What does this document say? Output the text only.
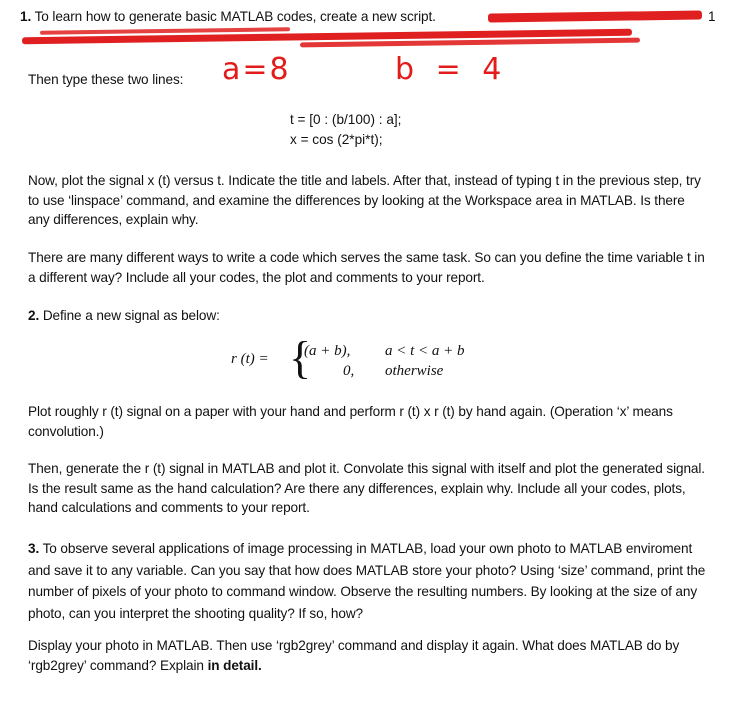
1. To learn how to generate basic MATLAB codes, create a new script.	1
Then type these two lines: a=8	b = 4
t = [0 : (b/100) : a];
x = cos (2*pi*t);
Now, plot the signal x (t) versus t. Indicate the title and labels. After that, instead of typing t in the previous step, try to use ‘linspace’ command, and examine the differences by looking at the Workspace area in MATLAB. Is there any differences, explain why.
There are many different ways to write a code which serves the same task. So can you define the time variable t in a different way? Include all your codes, the plot and comments to your report.
2. Define a new signal as below:
r (t) = {
(a + b), a < t < a + b
0, otherwise
Plot roughly r (t) signal on a paper with your hand and perform r (t) x r (t) by hand again. (Operation ‘x’ means convolution.)
Then, generate the r (t) signal in MATLAB and plot it. Convolate this signal with itself and plot the generated signal. Is the result same as the hand calculation? Are there any differences, explain why. Include all your codes, plots, hand calculations and comments to your report.
3. To observe several applications of image processing in MATLAB, load your own photo to MATLAB enviroment and save it to any variable. Can you say that how does MATLAB store your photo? Using ‘size’ command, print the number of pixels of your photo to command window. Observe the resulting numbers. By looking at the size of any photo, can you interpret the shooting quality? If so, how?
Display your photo in MATLAB. Then use ‘rgb2grey’ command and display it again. What does MATLAB do by ‘rgb2grey’ command? Explain in detail.
